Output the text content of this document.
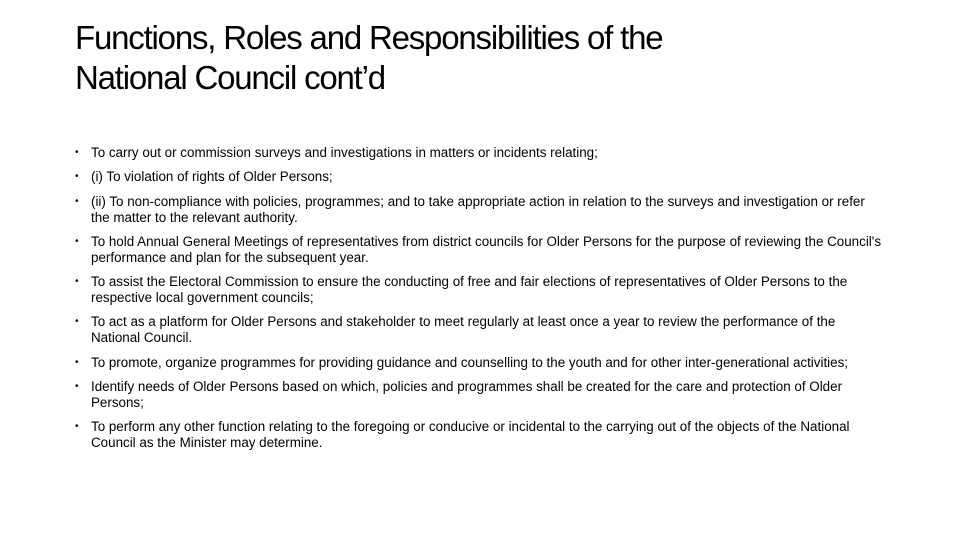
Functions, Roles and Responsibilities of the
National Council cont’d
• To carry out or commission surveys and investigations in matters or incidents relating;
• (i) To violation of rights of Older Persons;
• (ii) To non-compliance with policies, programmes; and to take appropriate action in relation to the surveys and investigation or refer the matter to the relevant authority.
• To hold Annual General Meetings of representatives from district councils for Older Persons for the purpose of reviewing the Council's performance and plan for the subsequent year.
• To assist the Electoral Commission to ensure the conducting of free and fair elections of representatives of Older Persons to the respective local government councils;
• To act as a platform for Older Persons and stakeholder to meet regularly at least once a year to review the performance of the National Council.
• To promote, organize programmes for providing guidance and counselling to the youth and for other inter-generational activities;
• Identify needs of Older Persons based on which, policies and programmes shall be created for the care and protection of Older Persons;
• To perform any other function relating to the foregoing or conducive or incidental to the carrying out of the objects of the National Council as the Minister may determine.
